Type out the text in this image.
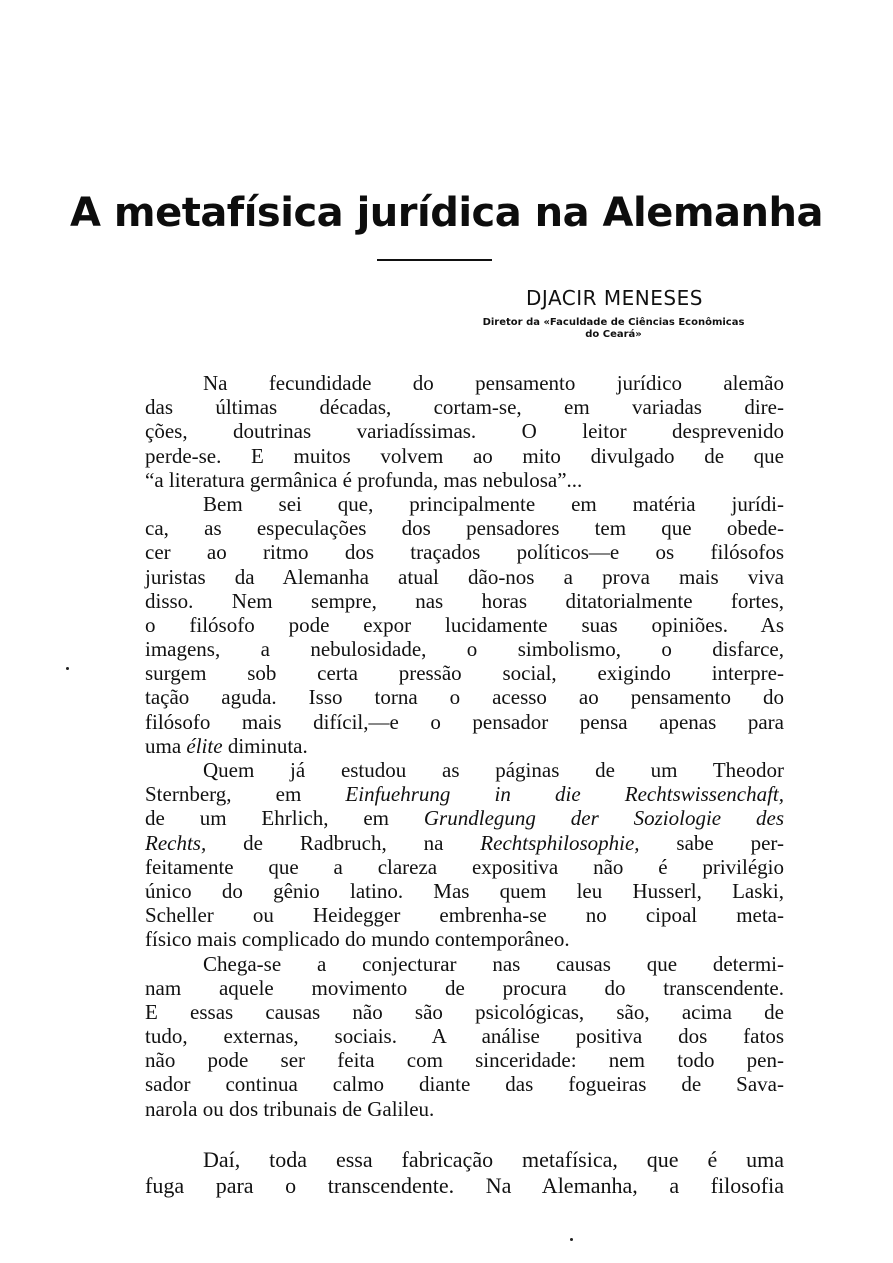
A metafísica jurídica na Alemanha
DJACIR MENESES
Diretor da «Faculdade de Ciências Econômicas
do Ceará»
Na fecundidade do pensamento jurídico alemão
das últimas décadas, cortam-se, em variadas dire-
ções, doutrinas variadíssimas. O leitor desprevenido
perde-se. E muitos volvem ao mito divulgado de que
“a literatura germânica é profunda, mas nebulosa”...
Bem sei que, principalmente em matéria jurídi-
ca, as especulações dos pensadores tem que obede-
cer ao ritmo dos traçados políticos—e os filósofos
juristas da Alemanha atual dão-nos a prova mais viva
disso. Nem sempre, nas horas ditatorialmente fortes,
o filósofo pode expor lucidamente suas opiniões. As
imagens, a nebulosidade, o simbolismo, o disfarce,
surgem sob certa pressão social, exigindo interpre-
tação aguda. Isso torna o acesso ao pensamento do
filósofo mais difícil,—e o pensador pensa apenas para
uma élite diminuta.
Quem já estudou as páginas de um Theodor
Sternberg, em Einfuehrung in die Rechtswissenchaft,
de um Ehrlich, em Grundlegung der Soziologie des
Rechts, de Radbruch, na Rechtsphilosophie, sabe per-
feitamente que a clareza expositiva não é privilégio
único do gênio latino. Mas quem leu Husserl, Laski,
Scheller ou Heidegger embrenha-se no cipoal meta-
físico mais complicado do mundo contemporâneo.
Chega-se a conjecturar nas causas que determi-
nam aquele movimento de procura do transcendente.
E essas causas não são psicológicas, são, acima de
tudo, externas, sociais. A análise positiva dos fatos
não pode ser feita com sinceridade: nem todo pen-
sador continua calmo diante das fogueiras de Sava-
narola ou dos tribunais de Galileu.
Daí, toda essa fabricação metafísica, que é uma
fuga para o transcendente. Na Alemanha, a filosofia
